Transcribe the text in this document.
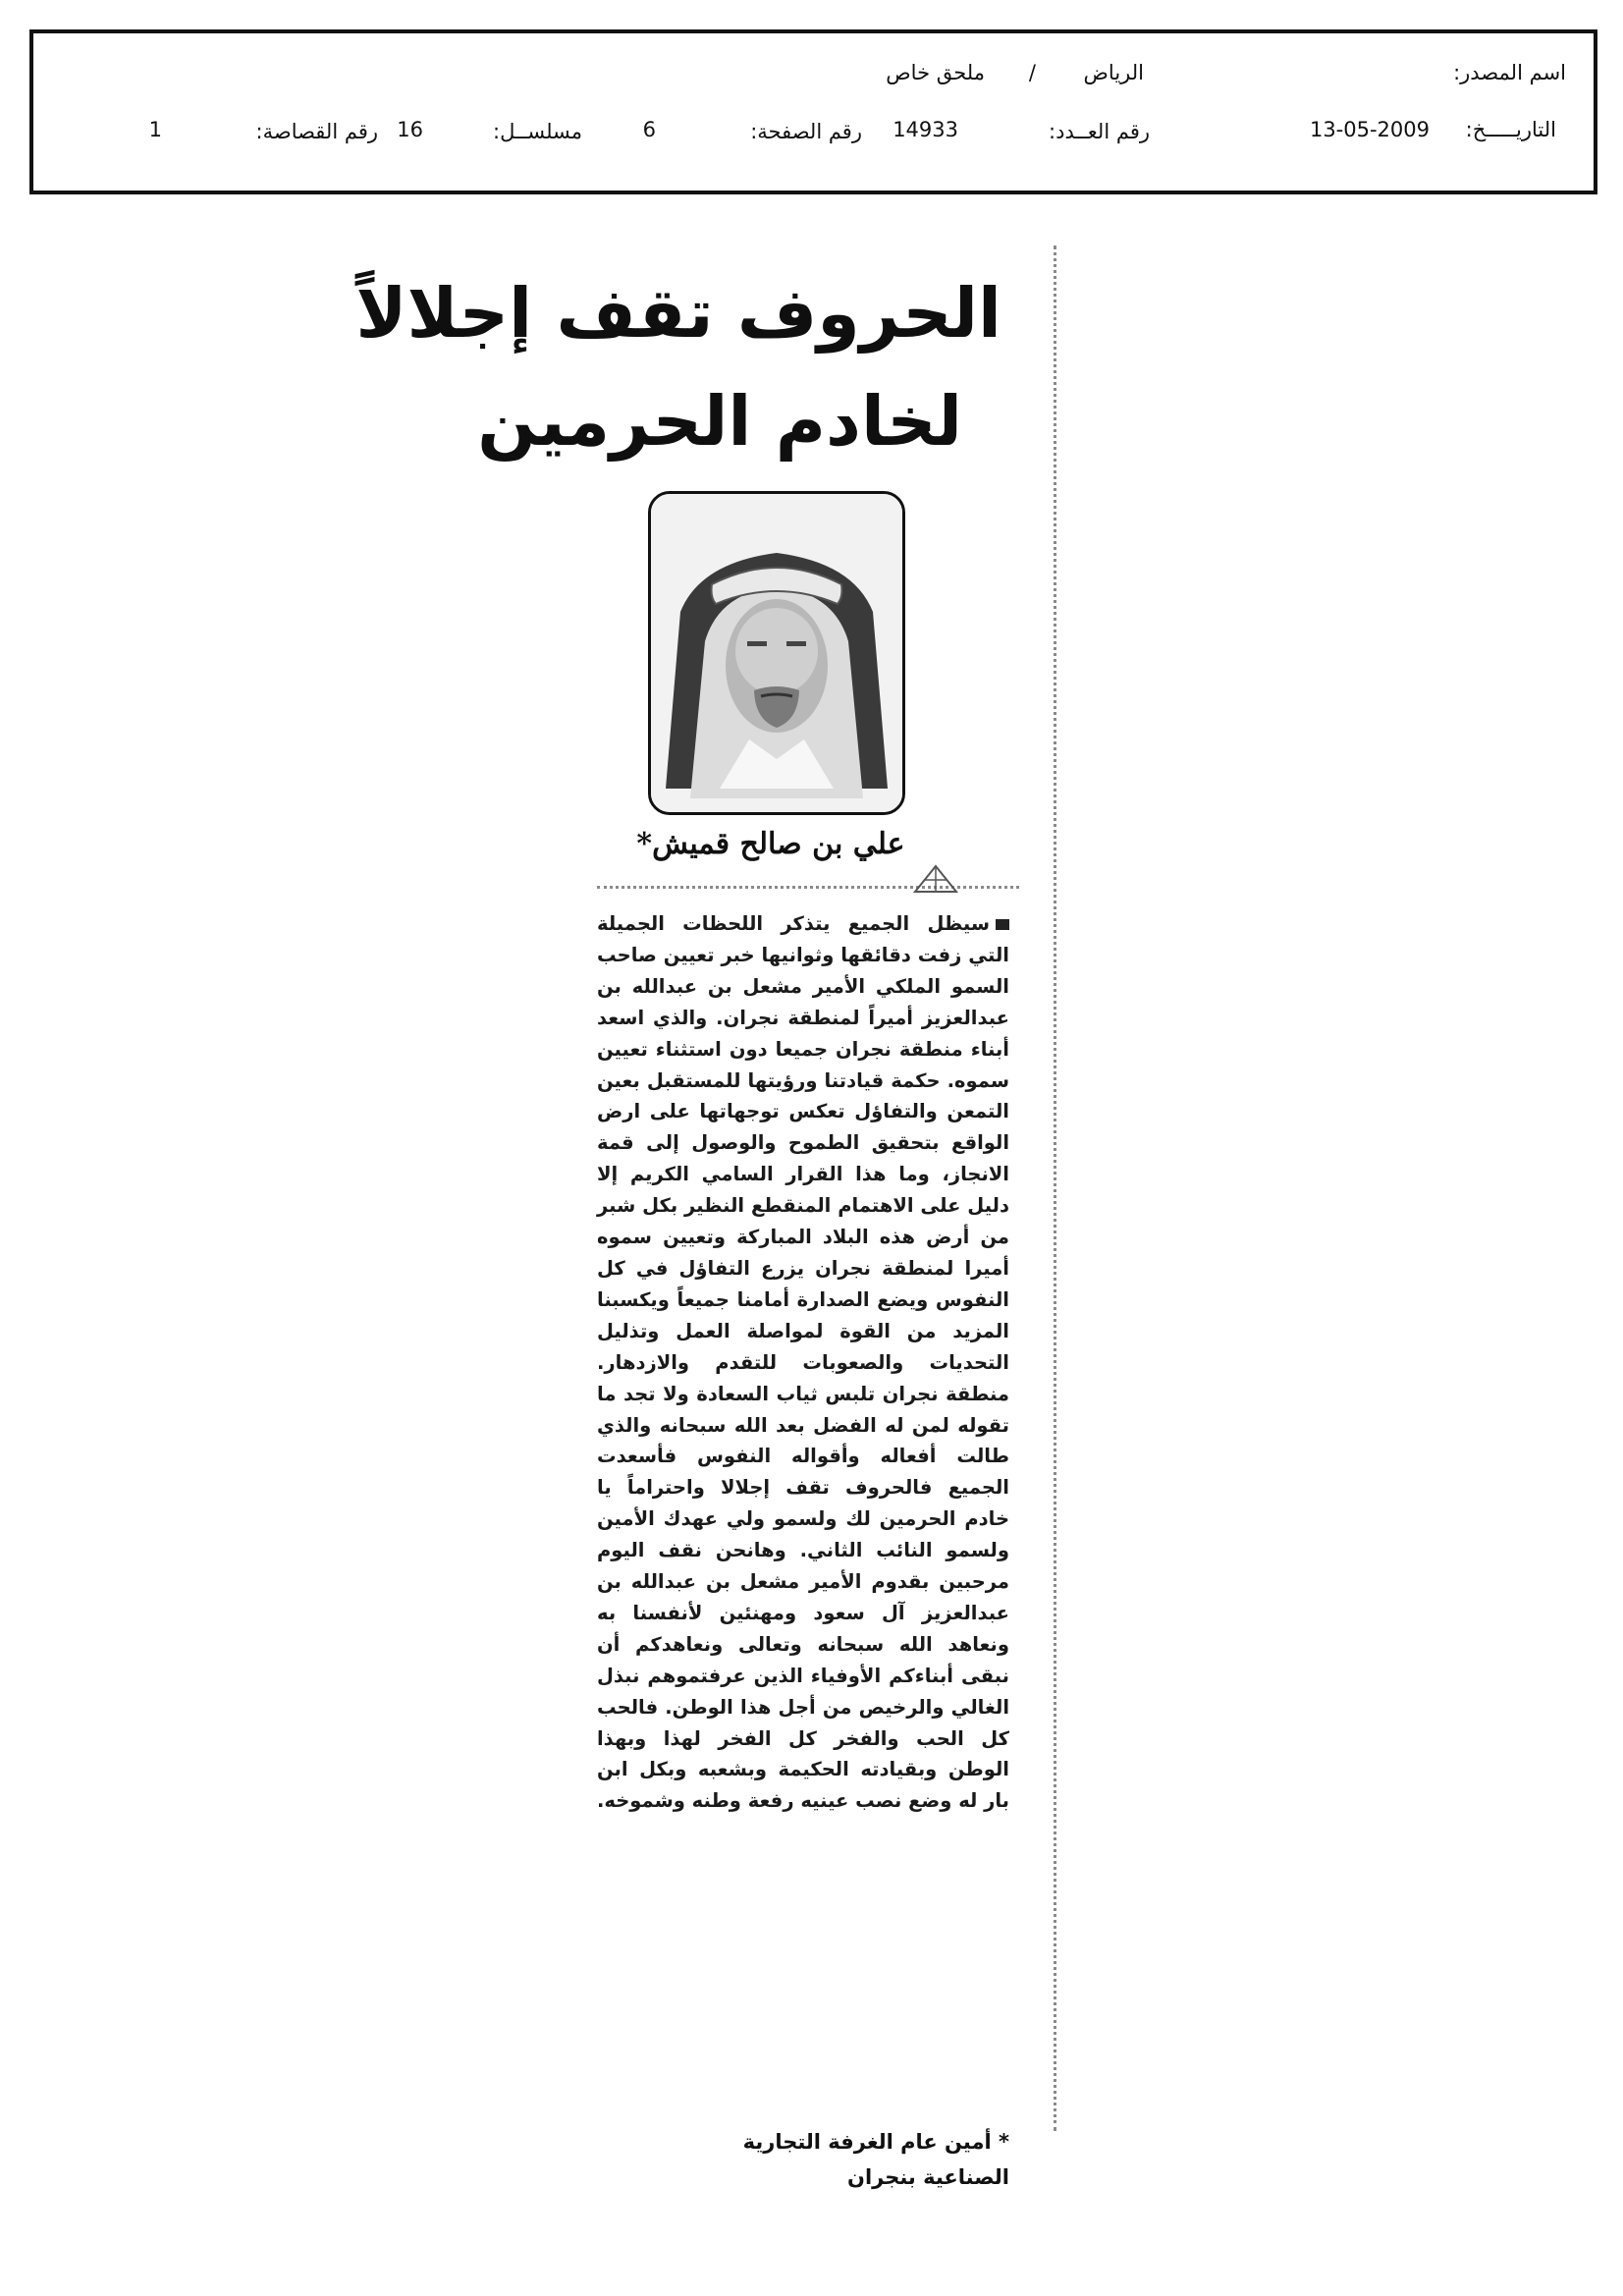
اسم المصدر:
الرياض
/
ملحق خاص
التاريـــــخ:
13-05-2009
رقم العــدد:
14933
رقم الصفحة:
6
مسلســل:
16
رقم القصاصة:
1
الحروف تقف إجلالاً
لخادم الحرمين
علي بن صالح قميش*
سيظل الجميع يتذكر اللحظات الجميلة التي زفت دقائقها وثوانيها خبر تعيين صاحب السمو الملكي الأمير مشعل بن عبدالله بن عبدالعزيز أميراً لمنطقة نجران. والذي اسعد أبناء منطقة نجران جميعا دون استثناء تعيين سموه. حكمة قيادتنا ورؤيتها للمستقبل بعين التمعن والتفاؤل تعكس توجهاتها على ارض الواقع بتحقيق الطموح والوصول إلى قمة الانجاز، وما هذا القرار السامي الكريم إلا دليل على الاهتمام المنقطع النظير بكل شبر من أرض هذه البلاد المباركة وتعيين سموه أميرا لمنطقة نجران يزرع التفاؤل في كل النفوس ويضع الصدارة أمامنا جميعاً ويكسبنا المزيد من القوة لمواصلة العمل وتذليل التحديات والصعوبات للتقدم والازدهار. منطقة نجران تلبس ثياب السعادة ولا تجد ما تقوله لمن له الفضل بعد الله سبحانه والذي طالت أفعاله وأقواله النفوس فأسعدت الجميع فالحروف تقف إجلالا واحتراماً يا خادم الحرمين لك ولسمو ولي عهدك الأمين ولسمو النائب الثاني. وهانحن نقف اليوم مرحبين بقدوم الأمير مشعل بن عبدالله بن عبدالعزيز آل سعود ومهنئين لأنفسنا به ونعاهد الله سبحانه وتعالى ونعاهدكم أن نبقى أبناءكم الأوفياء الذين عرفتموهم نبذل الغالي والرخيص من أجل هذا الوطن. فالحب كل الحب والفخر كل الفخر لهذا وبهذا الوطن وبقيادته الحكيمة وبشعبه وبكل ابن بار له وضع نصب عينيه رفعة وطنه وشموخه.
* أمين عام الغرفة التجارية
الصناعية بنجران
